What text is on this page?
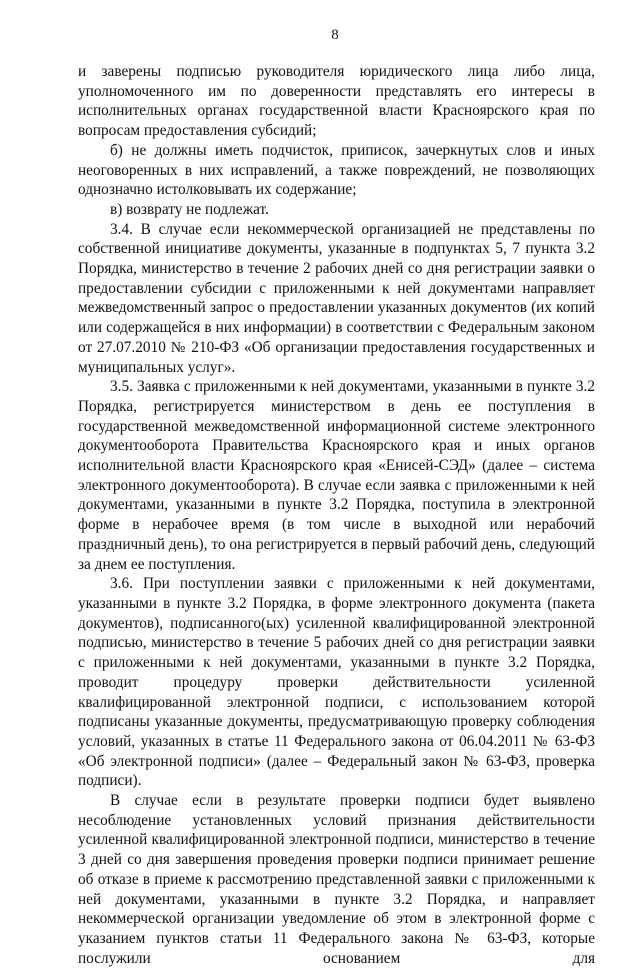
8

и заверены подписью руководителя юридического лица либо лица, уполномоченного им по доверенности представлять его интересы в исполнительных органах государственной власти Красноярского края по вопросам предоставления субсидий;

б) не должны иметь подчисток, приписок, зачеркнутых слов и иных неоговоренных в них исправлений, а также повреждений, не позволяющих однозначно истолковывать их содержание;

в) возврату не подлежат.

3.4. В случае если некоммерческой организацией не представлены по собственной инициативе документы, указанные в подпунктах 5, 7 пункта 3.2 Порядка, министерство в течение 2 рабочих дней со дня регистрации заявки о предоставлении субсидии с приложенными к ней документами направляет межведомственный запрос о предоставлении указанных документов (их копий или содержащейся в них информации) в соответствии с Федеральным законом от 27.07.2010 № 210-ФЗ «Об организации предоставления государственных и муниципальных услуг».

3.5. Заявка с приложенными к ней документами, указанными в пункте 3.2 Порядка, регистрируется министерством в день ее поступления в государственной межведомственной информационной системе электронного документооборота Правительства Красноярского края и иных органов исполнительной власти Красноярского края «Енисей-СЭД» (далее – система электронного документооборота). В случае если заявка с приложенными к ней документами, указанными в пункте 3.2 Порядка, поступила в электронной форме в нерабочее время (в том числе в выходной или нерабочий праздничный день), то она регистрируется в первый рабочий день, следующий за днем ее поступления.

3.6. При поступлении заявки с приложенными к ней документами, указанными в пункте 3.2 Порядка, в форме электронного документа (пакета документов), подписанного(ых) усиленной квалифицированной электронной подписью, министерство в течение 5 рабочих дней со дня регистрации заявки с приложенными к ней документами, указанными в пункте 3.2 Порядка, проводит процедуру проверки действительности усиленной квалифицированной электронной подписи, с использованием которой подписаны указанные документы, предусматривающую проверку соблюдения условий, указанных в статье 11 Федерального закона от 06.04.2011 № 63-ФЗ «Об электронной подписи» (далее – Федеральный закон № 63-ФЗ, проверка подписи).

В случае если в результате проверки подписи будет выявлено несоблюдение установленных условий признания действительности усиленной квалифицированной электронной подписи, министерство в течение 3 дней со дня завершения проведения проверки подписи принимает решение об отказе в приеме к рассмотрению представленной заявки с приложенными к ней документами, указанными в пункте 3.2 Порядка, и направляет некоммерческой организации уведомление об этом в электронной форме с указанием пунктов статьи 11 Федерального закона № 63-ФЗ, которые послужили основанием для
